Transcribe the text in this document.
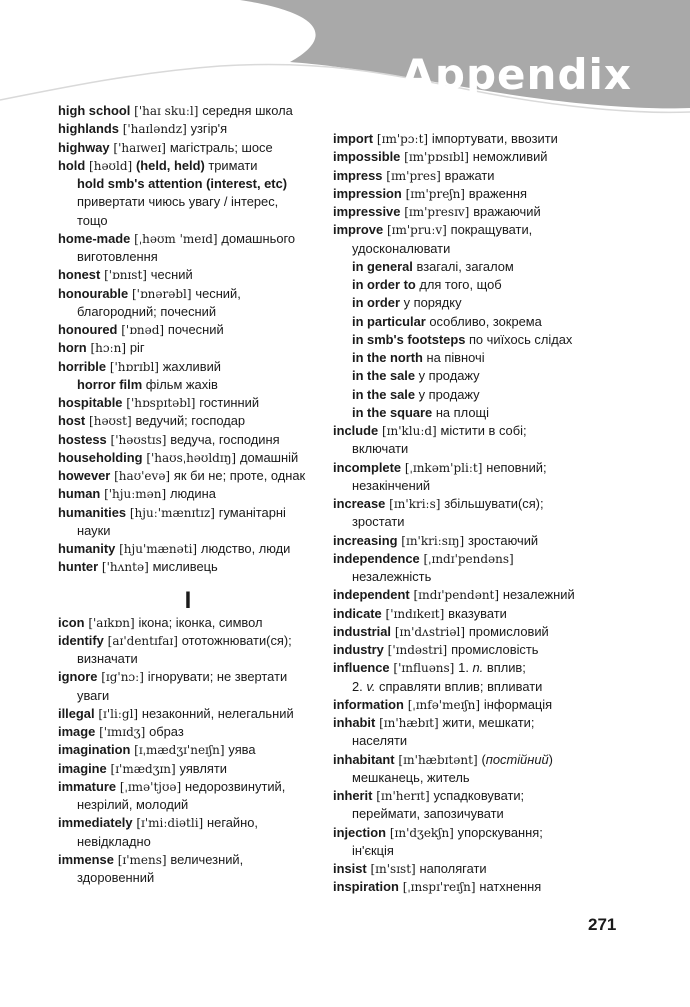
Appendix
high school ['haɪ skuːl] середня школа
highlands ['haɪləndz] узгір'я
highway ['haɪweɪ] магістраль; шосе
hold [həʊld] (held, held) тримати
hold smb's attention (interest, etc)
привертати чиюсь увагу / інтерес,
тощо
home-made [ˌhəʊm 'meɪd] домашнього
виготовлення
honest ['ɒnɪst] чесний
honourable ['ɒnərəbl] чесний,
благородний; почесний
honoured ['ɒnəd] почесний
horn [hɔːn] ріг
horrible ['hɒrɪbl] жахливий
horror film фільм жахів
hospitable ['hɒspɪtəbl] гостинний
host [həʊst] ведучий; господар
hostess ['həʊstɪs] ведуча, господиня
householding ['haʊsˌhəʊldɪŋ] домашній
however [haʊ'evə] як би не; проте, однак
human ['hjuːmən] людина
humanities [hjuː'mænɪtɪz] гуманітарні
науки
humanity [hju'mænəti] людство, люди
hunter ['hʌntə] мисливець
I
icon ['aɪkɒn] ікона; іконка, символ
identify [aɪ'dentɪfaɪ] ототожнювати(ся);
визначати
ignore [ɪg'nɔː] ігнорувати; не звертати
уваги
illegal [ɪ'liːgl] незаконний, нелегальний
image ['ɪmɪdʒ] образ
imagination [ɪˌmædʒɪ'neɪʃn] уява
imagine [ɪ'mædʒɪn] уявляти
immature [ˌɪmə'tjʊə] недорозвинутий,
незрілий, молодий
immediately [ɪ'miːdiətli] негайно,
невідкладно
immense [ɪ'mens] величезний,
здоровенний
import [ɪm'pɔːt] імпортувати, ввозити
impossible [ɪm'pɒsɪbl] неможливий
impress [ɪm'pres] вражати
impression [ɪm'preʃn] враження
impressive [ɪm'presɪv] вражаючий
improve [ɪm'pruːv] покращувати,
удосконалювати
in general взагалі, загалом
in order to для того, щоб
in order у порядку
in particular особливо, зокрема
in smb's footsteps по чиїхось слідах
in the north на півночі
in the sale у продажу
in the sale у продажу
in the square на площі
include [ɪn'kluːd] містити в собі;
включати
incomplete [ˌɪnkəm'pliːt] неповний;
незакінчений
increase [ɪn'kriːs] збільшувати(ся);
зростати
increasing [ɪn'kriːsɪŋ] зростаючий
independence [ˌɪndɪ'pendəns]
незалежність
independent [ɪndɪ'pendənt] незалежний
indicate ['ɪndɪkeɪt] вказувати
industrial [ɪn'dʌstriəl] промисловий
industry ['ɪndəstri] промисловість
influence ['ɪnfluəns] 1. n. вплив;
2. v. справляти вплив; впливати
information [ˌɪnfə'meɪʃn] інформація
inhabit [ɪn'hæbɪt] жити, мешкати;
населяти
inhabitant [ɪn'hæbɪtənt] (постійний)
мешканець, житель
inherit [ɪn'herɪt] успадковувати;
переймати, запозичувати
injection [ɪn'dʒekʃn] упорскування;
ін'єкція
insist [ɪn'sɪst] наполягати
inspiration [ˌɪnspɪ'reɪʃn] натхнення
271
